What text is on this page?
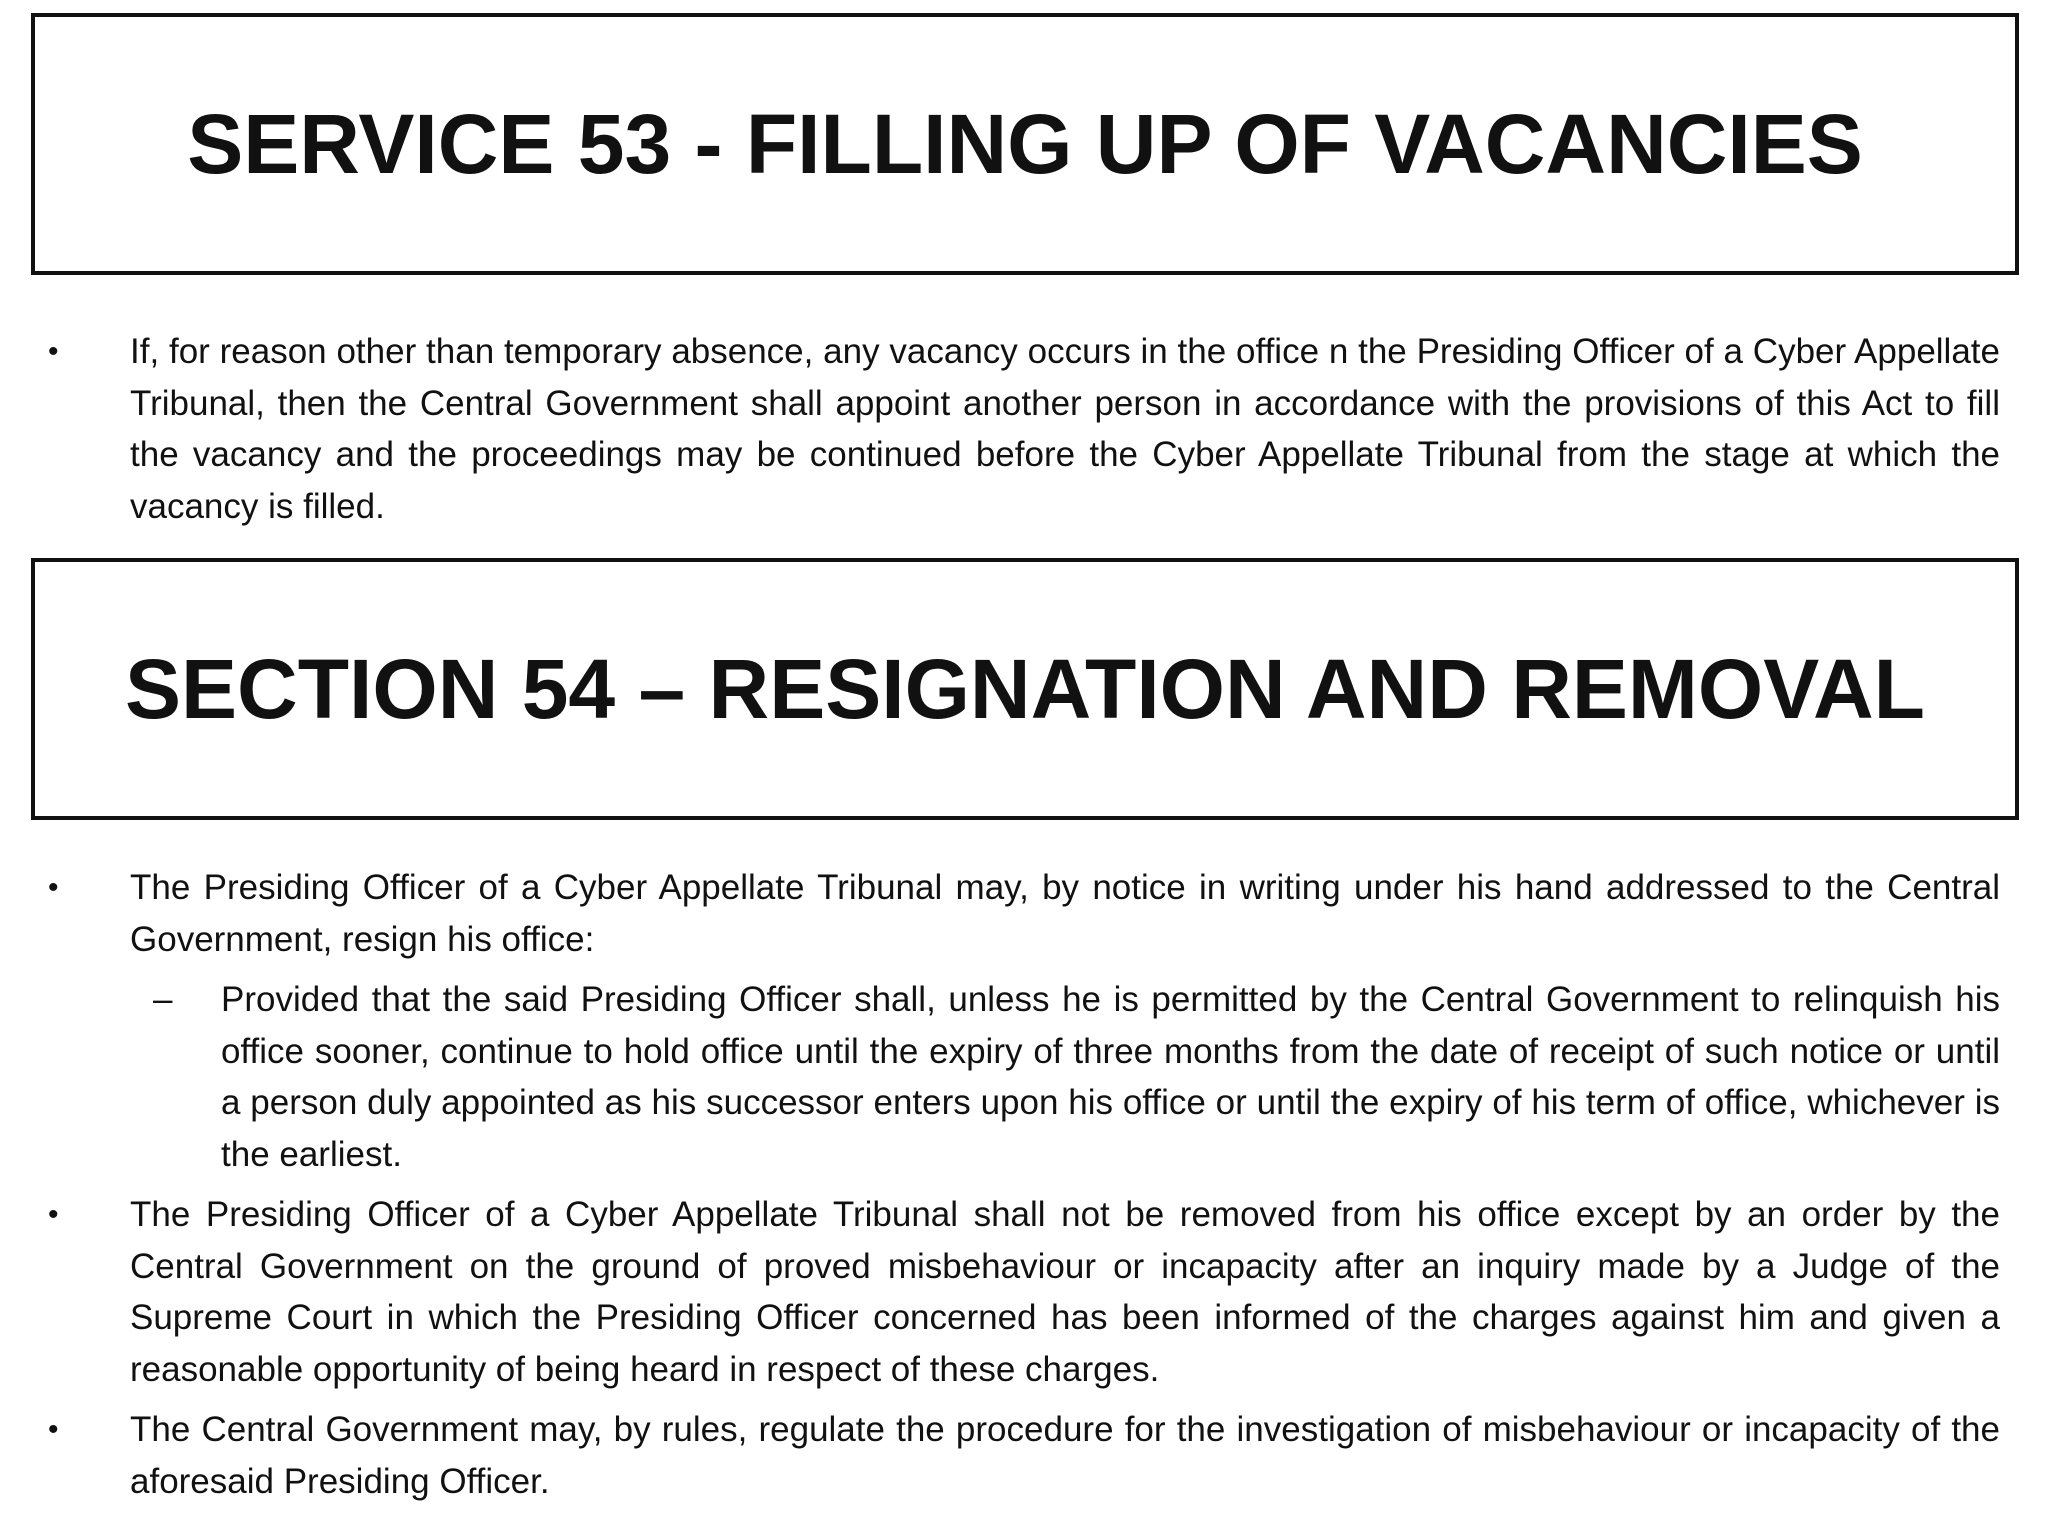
SERVICE 53 - FILLING UP OF VACANCIES
•	If, for reason other than temporary absence, any vacancy occurs in the office n the Presiding Officer of a Cyber Appellate Tribunal, then the Central Government shall appoint another person in accordance with the provisions of this Act to fill the vacancy and the proceedings may be continued before the Cyber Appellate Tribunal from the stage at which the vacancy is filled.
SECTION 54 – RESIGNATION AND REMOVAL
•	The Presiding Officer of a Cyber Appellate Tribunal may, by notice in writing under his hand addressed to the Central Government, resign his office:
– Provided that the said Presiding Officer shall, unless he is permitted by the Central Government to relinquish his office sooner, continue to hold office until the expiry of three months from the date of receipt of such notice or until a person duly appointed as his successor enters upon his office or until the expiry of his term of office, whichever is the earliest.
•	The Presiding Officer of a Cyber Appellate Tribunal shall not be removed from his office except by an order by the Central Government on the ground of proved misbehaviour or incapacity after an inquiry made by a Judge of the Supreme Court in which the Presiding Officer concerned has been informed of the charges against him and given a reasonable opportunity of being heard in respect of these charges.
•	The Central Government may, by rules, regulate the procedure for the investigation of misbehaviour or incapacity of the aforesaid Presiding Officer.
